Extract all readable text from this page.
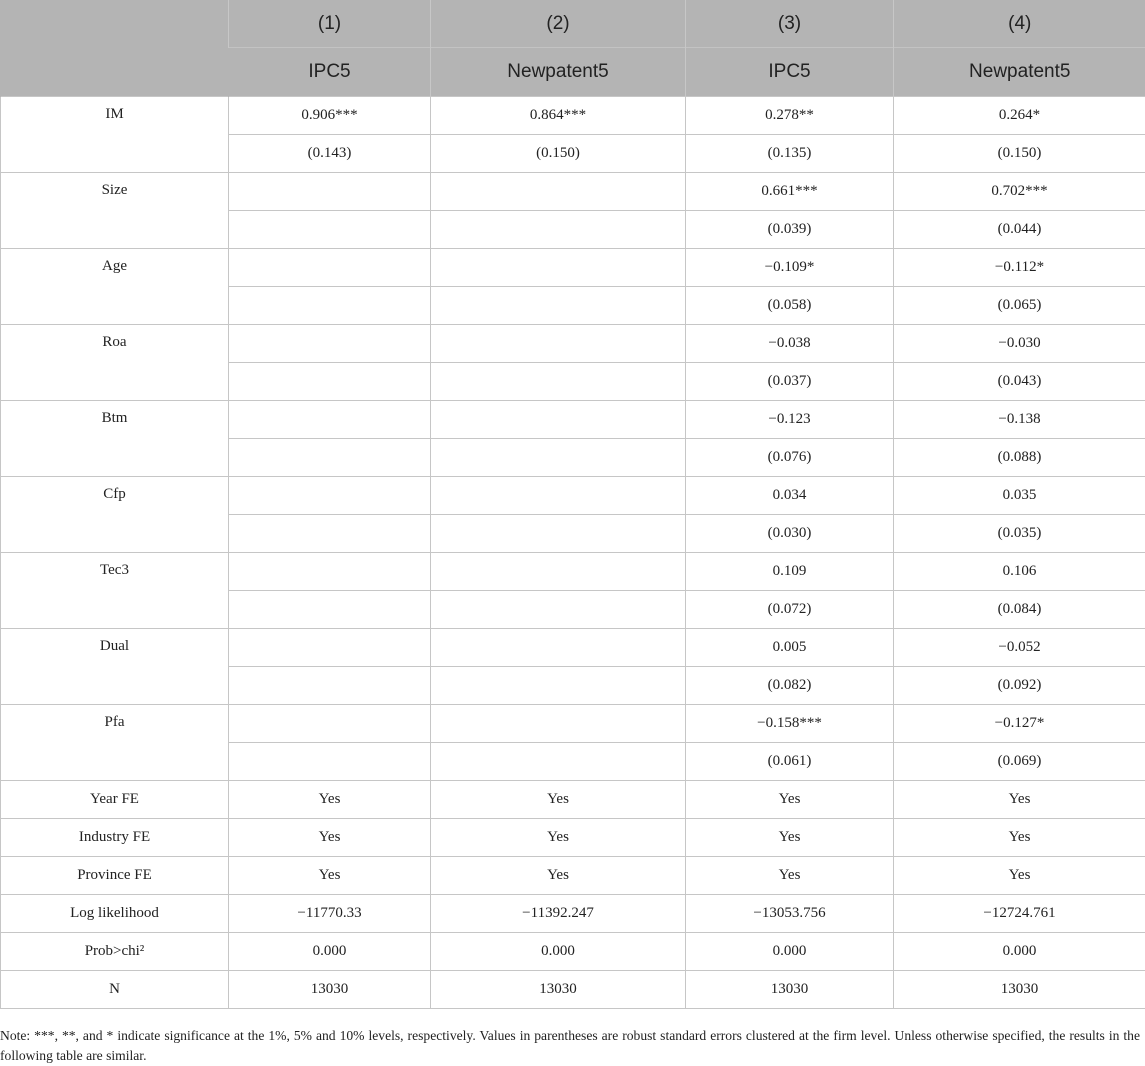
	(1)	(2)	(3)	(4)
	IPC5	Newpatent5	IPC5	Newpatent5
IM	0.906***	0.864***	0.278**	0.264*
	(0.143)	(0.150)	(0.135)	(0.150)
Size			0.661***	0.702***
			(0.039)	(0.044)
Age			−0.109*	−0.112*
			(0.058)	(0.065)
Roa			−0.038	−0.030
			(0.037)	(0.043)
Btm			−0.123	−0.138
			(0.076)	(0.088)
Cfp			0.034	0.035
			(0.030)	(0.035)
Tec3			0.109	0.106
			(0.072)	(0.084)
Dual			0.005	−0.052
			(0.082)	(0.092)
Pfa			−0.158***	−0.127*
			(0.061)	(0.069)
Year FE	Yes	Yes	Yes	Yes
Industry FE	Yes	Yes	Yes	Yes
Province FE	Yes	Yes	Yes	Yes
Log likelihood	−11770.33	−11392.247	−13053.756	−12724.761
Prob>chi²	0.000	0.000	0.000	0.000
N	13030	13030	13030	13030
Note: ***, **, and * indicate significance at the 1%, 5% and 10% levels, respectively. Values in parentheses are robust standard errors clustered at the firm level. Unless otherwise specified, the results in the following table are similar.
